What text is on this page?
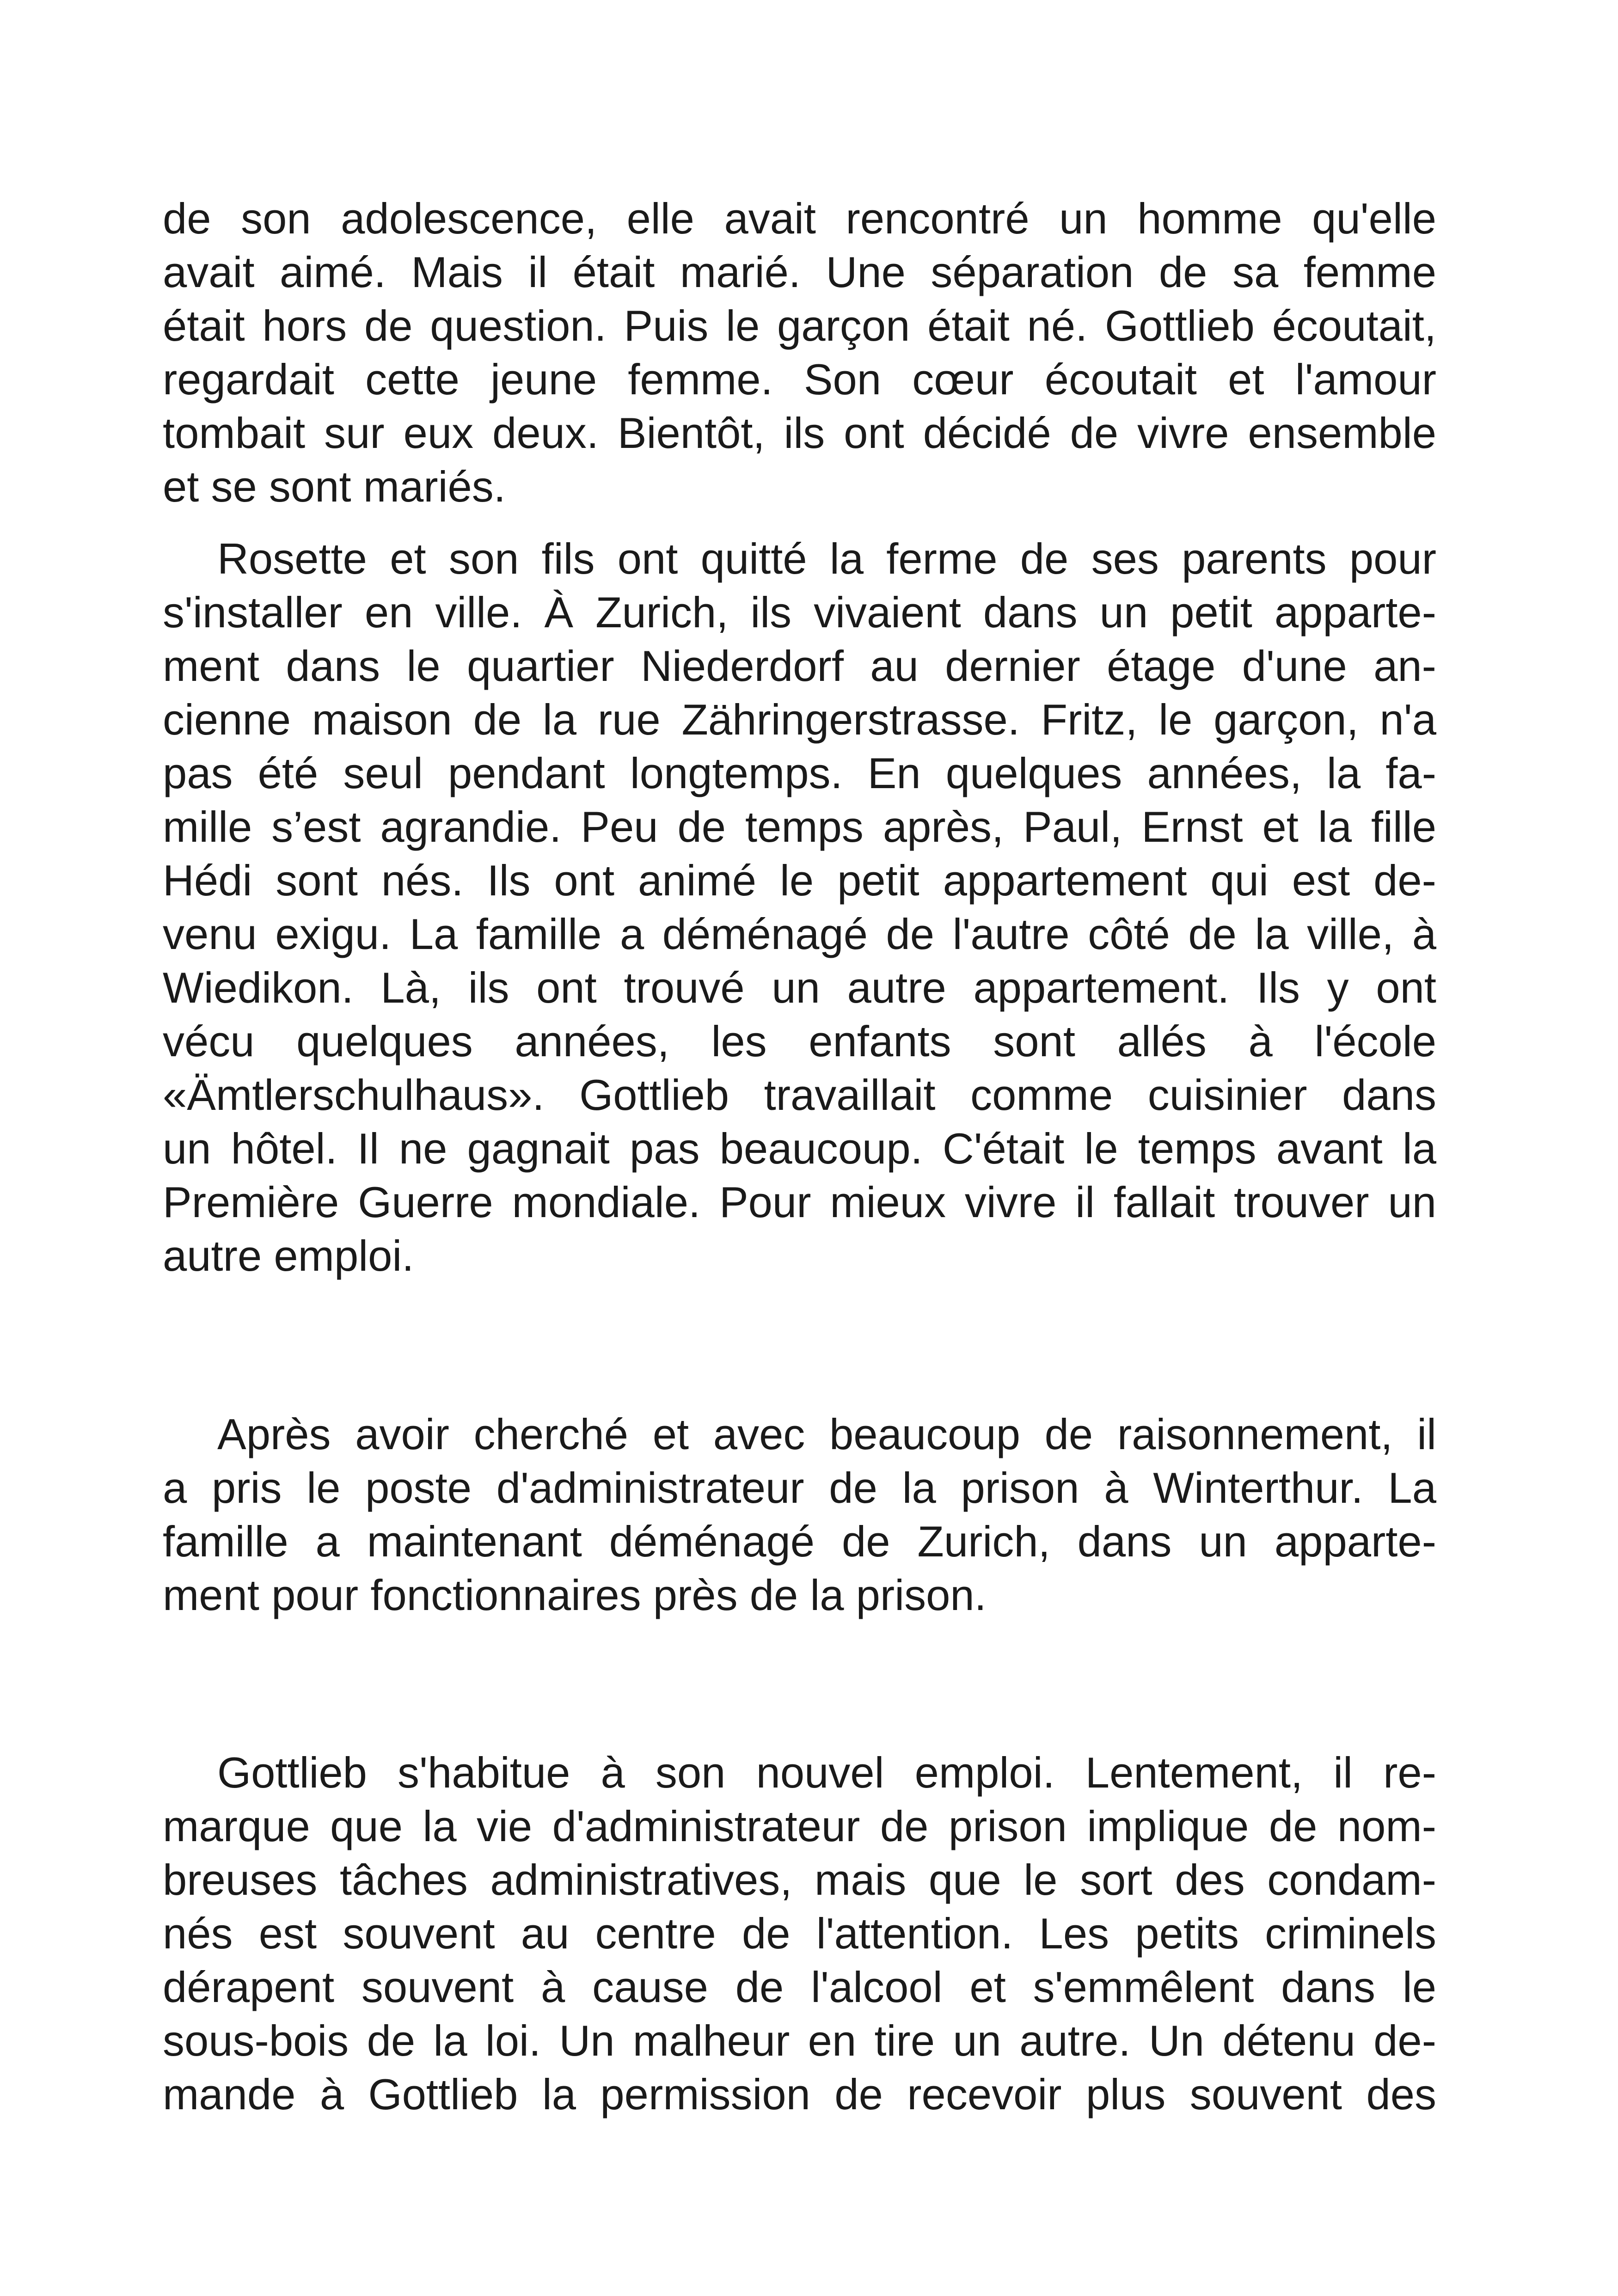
de son adolescence, elle avait rencontré un homme qu'elle
avait aimé. Mais il était marié. Une séparation de sa femme
était hors de question. Puis le garçon était né. Gottlieb écoutait,
regardait cette jeune femme. Son cœur écoutait et l'amour
tombait sur eux deux. Bientôt, ils ont décidé de vivre ensemble
et se sont mariés.
Rosette et son fils ont quitté la ferme de ses parents pour
s'installer en ville. À Zurich, ils vivaient dans un petit apparte-
ment dans le quartier Niederdorf au dernier étage d'une an-
cienne maison de la rue Zähringerstrasse. Fritz, le garçon, n'a
pas été seul pendant longtemps. En quelques années, la fa-
mille s’est agrandie. Peu de temps après, Paul, Ernst et la fille
Hédi sont nés. Ils ont animé le petit appartement qui est de-
venu exigu. La famille a déménagé de l'autre côté de la ville, à
Wiedikon. Là, ils ont trouvé un autre appartement. Ils y ont
vécu quelques années, les enfants sont allés à l'école
«Ämtlerschulhaus». Gottlieb travaillait comme cuisinier dans
un hôtel. Il ne gagnait pas beaucoup. C'était le temps avant la
Première Guerre mondiale. Pour mieux vivre il fallait trouver un
autre emploi.
Après avoir cherché et avec beaucoup de raisonnement, il
a pris le poste d'administrateur de la prison à Winterthur. La
famille a maintenant déménagé de Zurich, dans un apparte-
ment pour fonctionnaires près de la prison.
Gottlieb s'habitue à son nouvel emploi. Lentement, il re-
marque que la vie d'administrateur de prison implique de nom-
breuses tâches administratives, mais que le sort des condam-
nés est souvent au centre de l'attention. Les petits criminels
dérapent souvent à cause de l'alcool et s'emmêlent dans le
sous-bois de la loi. Un malheur en tire un autre. Un détenu de-
mande à Gottlieb la permission de recevoir plus souvent des
